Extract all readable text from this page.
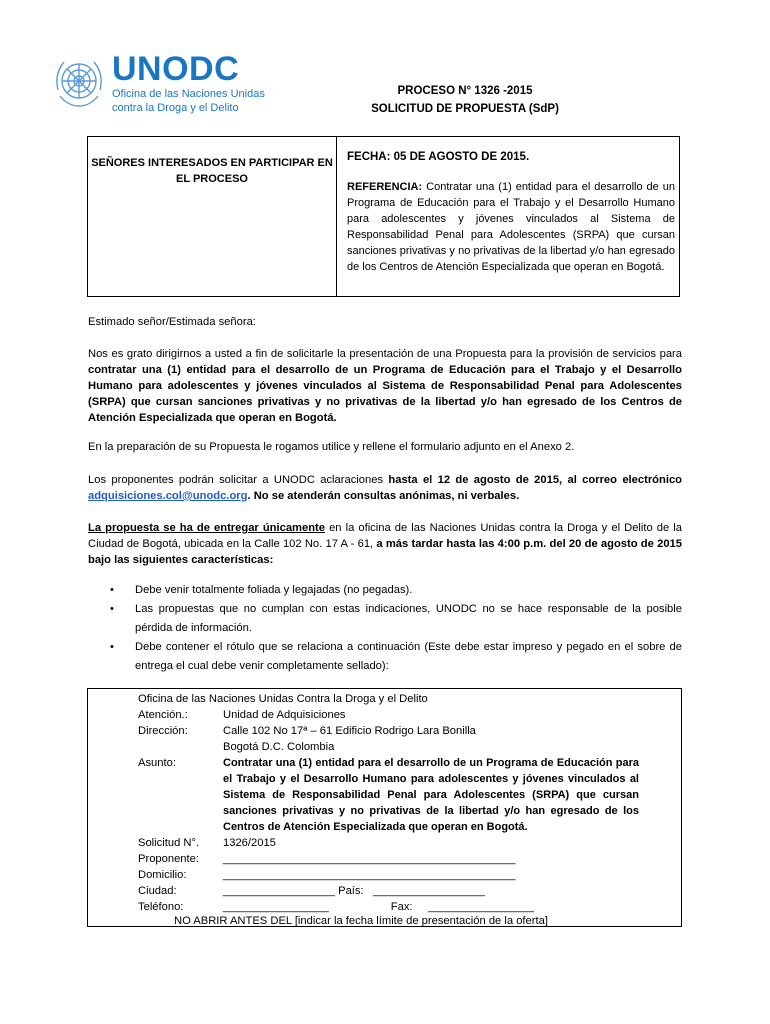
UNODC
Oficina de las Naciones Unidas
contra la Droga y el Delito
PROCESO N° 1326 -2015
SOLICITUD DE PROPUESTA (SdP)
SEÑORES INTERESADOS EN PARTICIPAR EN
EL PROCESO
FECHA: 05 DE AGOSTO DE 2015.
REFERENCIA: Contratar una (1) entidad para el desarrollo de un Programa de Educación para el Trabajo y el Desarrollo Humano para adolescentes y jóvenes vinculados al Sistema de Responsabilidad Penal para Adolescentes (SRPA) que cursan sanciones privativas y no privativas de la libertad y/o han egresado de los Centros de Atención Especializada que operan en Bogotá.
Estimado señor/Estimada señora:
Nos es grato dirigirnos a usted a fin de solicitarle la presentación de una Propuesta para la provisión de servicios para contratar una (1) entidad para el desarrollo de un Programa de Educación para el Trabajo y el Desarrollo Humano para adolescentes y jóvenes vinculados al Sistema de Responsabilidad Penal para Adolescentes (SRPA) que cursan sanciones privativas y no privativas de la libertad y/o han egresado de los Centros de Atención Especializada que operan en Bogotá.
En la preparación de su Propuesta le rogamos utilice y rellene el formulario adjunto en el Anexo 2.
Los proponentes podrán solicitar a UNODC aclaraciones hasta el 12 de agosto de 2015, al correo electrónico adquisiciones.col@unodc.org. No se atenderán consultas anónimas, ni verbales.
La propuesta se ha de entregar únicamente en la oficina de las Naciones Unidas contra la Droga y el Delito de la Ciudad de Bogotá, ubicada en la Calle 102 No. 17 A - 61, a más tardar hasta las 4:00 p.m. del 20 de agosto de 2015 bajo las siguientes características:
• Debe venir totalmente foliada y legajadas (no pegadas).
• Las propuestas que no cumplan con estas indicaciones, UNODC no se hace responsable de la posible pérdida de información.
• Debe contener el rótulo que se relaciona a continuación (Este debe estar impreso y pegado en el sobre de entrega el cual debe venir completamente sellado):
Oficina de las Naciones Unidas Contra la Droga y el Delito
Atención.:	Unidad de Adquisiciones
Dirección:	Calle 102 No 17ª – 61 Edificio Rodrigo Lara Bonilla
Bogotá D.C. Colombia
Asunto:	Contratar una (1) entidad para el desarrollo de un Programa de Educación para el Trabajo y el Desarrollo Humano para adolescentes y jóvenes vinculados al Sistema de Responsabilidad Penal para Adolescentes (SRPA) que cursan sanciones privativas y no privativas de la libertad y/o han egresado de los Centros de Atención Especializada que operan en Bogotá.
Solicitud N°. 1326/2015
Proponente: _______________________________________________
Domicilio:	_______________________________________________
Ciudad:	__________________ País: __________________
Teléfono:	_________________	Fax: _________________
NO ABRIR ANTES DEL [indicar la fecha límite de presentación de la oferta]
